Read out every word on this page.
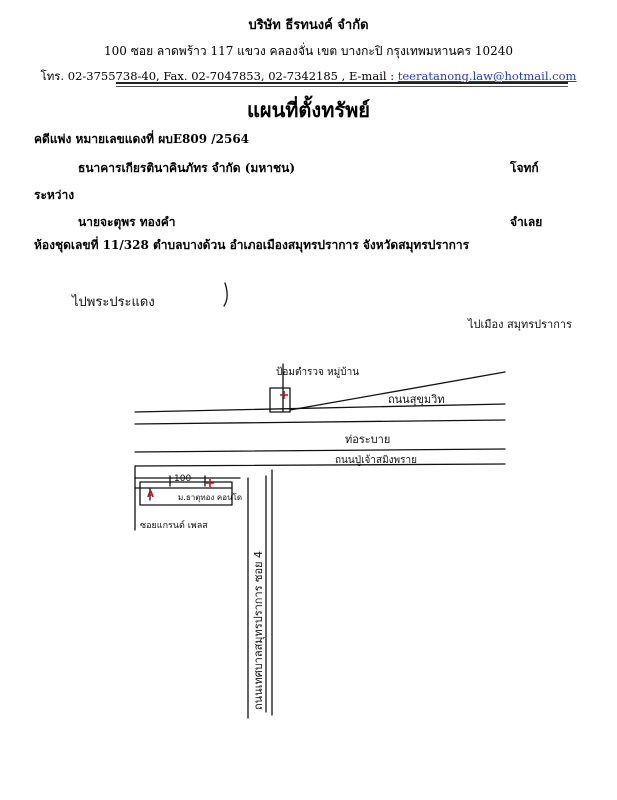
บริษัท ธีรทนงค์ จำกัด
100 ซอย ลาดพร้าว 117 แขวง คลองจั่น เขต บางกะปิ กรุงเทพมหานคร 10240
โทร. 02-3755738-40, Fax. 02-7047853, 02-7342185 , E-mail : teeratanong.law@hotmail.com
แผนที่ตั้งทรัพย์
คดีแพ่ง หมายเลขแดงที่ ผบE809 /2564
ธนาคารเกียรตินาคินภัทร จำกัด (มหาชน)	โจทก์
ระหว่าง
นายจะตุพร ทองคำ	จำเลย
ห้องชุดเลขที่ 11/328 ตำบลบางด้วน อำเภอเมืองสมุทรปราการ จังหวัดสมุทรปราการ
A
ไปพระประแดง
ไปเมือง สมุทรปราการ
ป้อมตำรวจ หมู่บ้าน
ถนนสุขุมวิท
ท่อระบาย
ถนนปู่เจ้าสมิงพราย
100
ม.ธาตุทอง คอนโด
ซอยแกรนด์ เพลส
ถนนเทศบาลสมุทรปราการ ซอย 4
